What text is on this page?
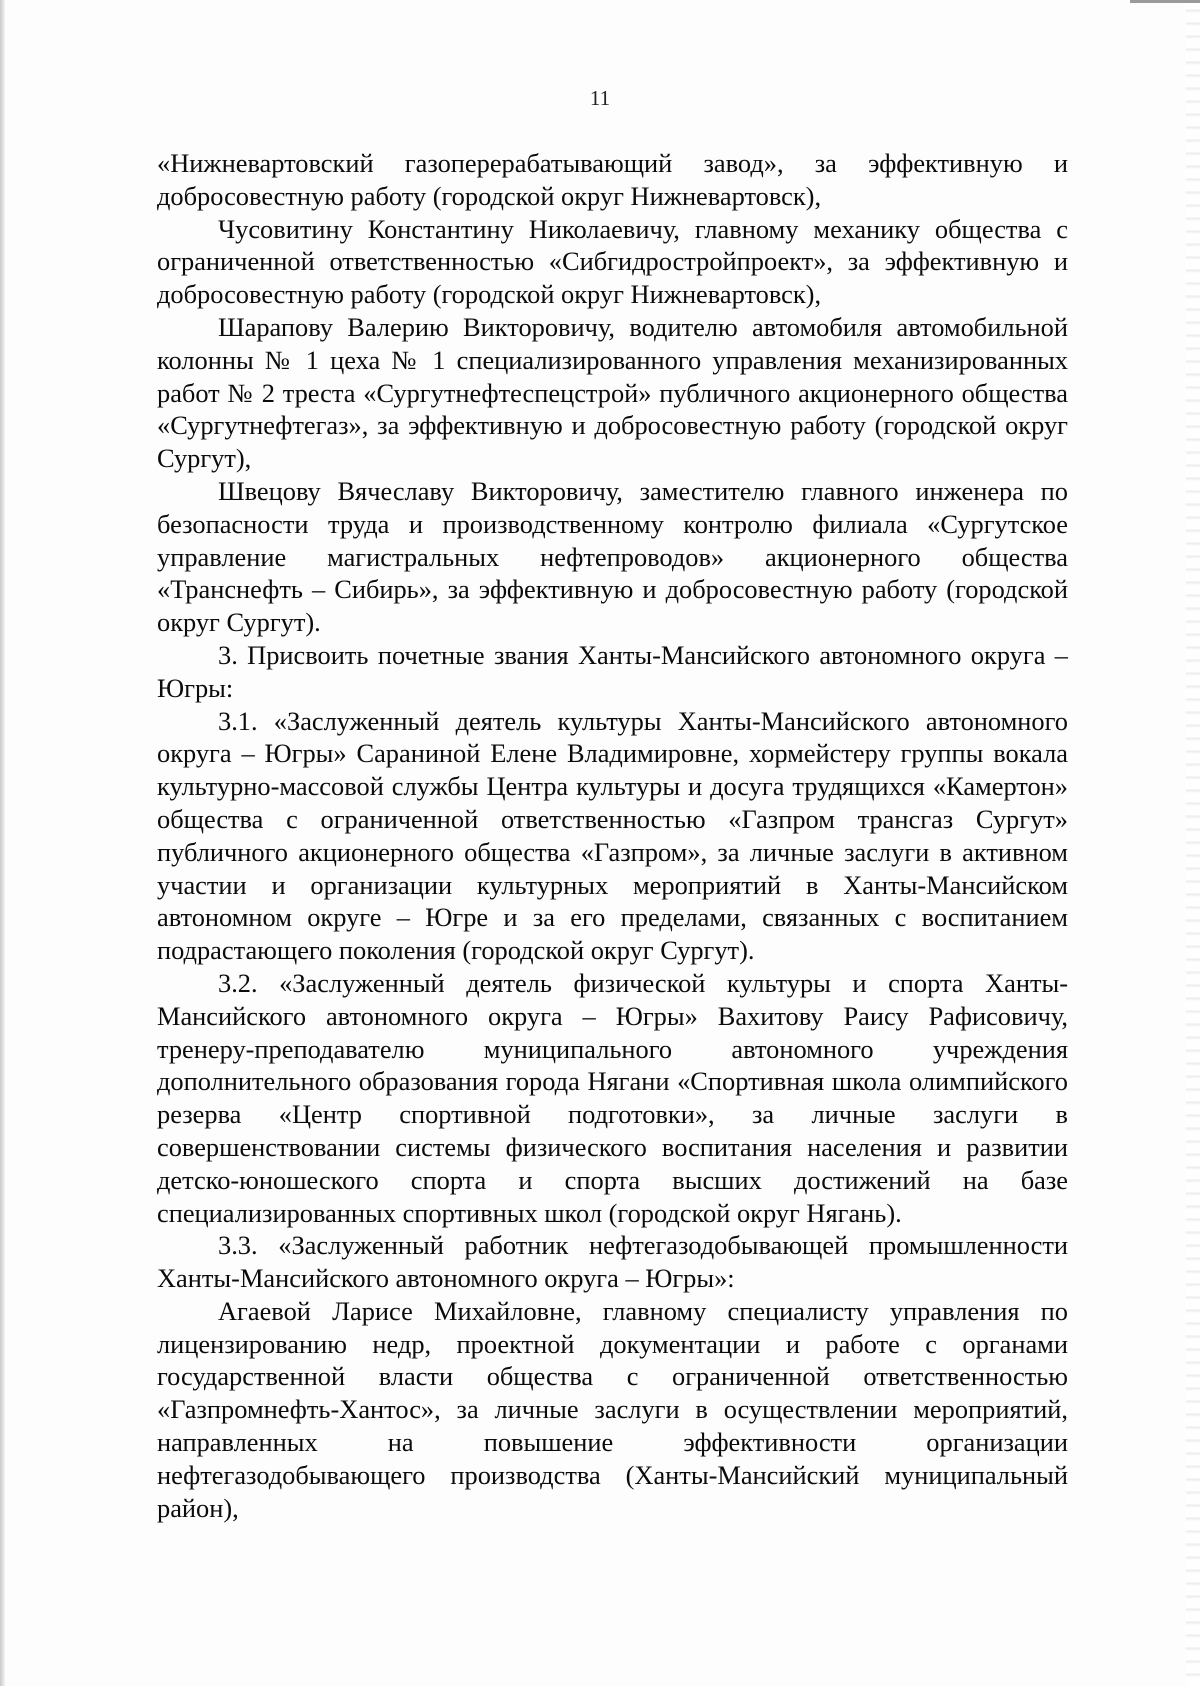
11

«Нижневартовский газоперерабатывающий завод», за эффективную и добросовестную работу (городской округ Нижневартовск),

Чусовитину Константину Николаевичу, главному механику общества с ограниченной ответственностью «Сибгидростройпроект», за эффективную и добросовестную работу (городской округ Нижневартовск),

Шарапову Валерию Викторовичу, водителю автомобиля автомобильной колонны № 1 цеха № 1 специализированного управления механизированных работ № 2 треста «Сургутнефтеспецстрой» публичного акционерного общества «Сургутнефтегаз», за эффективную и добросовестную работу (городской округ Сургут),

Швецову Вячеславу Викторовичу, заместителю главного инженера по безопасности труда и производственному контролю филиала «Сургутское управление магистральных нефтепроводов» акционерного общества «Транснефть – Сибирь», за эффективную и добросовестную работу (городской округ Сургут).

3. Присвоить почетные звания Ханты-Мансийского автономного округа – Югры:

3.1. «Заслуженный деятель культуры Ханты-Мансийского автономного округа – Югры» Сараниной Елене Владимировне, хормейстеру группы вокала культурно-массовой службы Центра культуры и досуга трудящихся «Камертон» общества с ограниченной ответственностью «Газпром трансгаз Сургут» публичного акционерного общества «Газпром», за личные заслуги в активном участии и организации культурных мероприятий в Ханты-Мансийском автономном округе – Югре и за его пределами, связанных с воспитанием подрастающего поколения (городской округ Сургут).

3.2. «Заслуженный деятель физической культуры и спорта Ханты-Мансийского автономного округа – Югры» Вахитову Раису Рафисовичу, тренеру-преподавателю муниципального автономного учреждения дополнительного образования города Нягани «Спортивная школа олимпийского резерва «Центр спортивной подготовки», за личные заслуги в совершенствовании системы физического воспитания населения и развитии детско-юношеского спорта и спорта высших достижений на базе специализированных спортивных школ (городской округ Нягань).

3.3. «Заслуженный работник нефтегазодобывающей промышленности Ханты-Мансийского автономного округа – Югры»:

Агаевой Ларисе Михайловне, главному специалисту управления по лицензированию недр, проектной документации и работе с органами государственной власти общества с ограниченной ответственностью «Газпромнефть-Хантос», за личные заслуги в осуществлении мероприятий, направленных на повышение эффективности организации нефтегазодобывающего производства (Ханты-Мансийский муниципальный район),
